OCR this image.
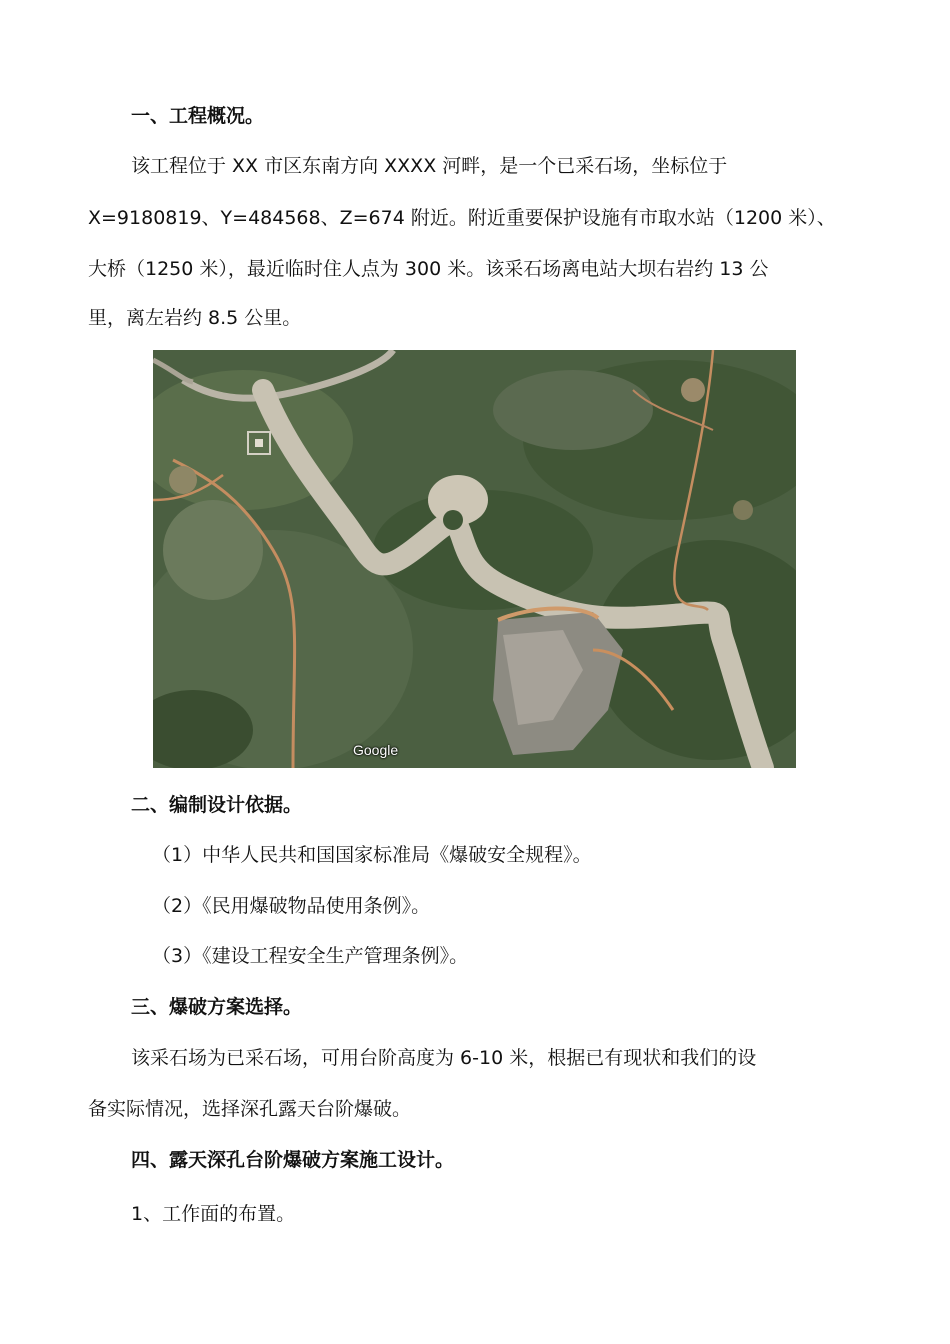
一、工程概况。
该工程位于 XX 市区东南方向 XXXX 河畔，是一个已采石场，坐标位于
X=9180819、Y=484568、Z=674 附近。附近重要保护设施有市取水站（1200 米）、
大桥（1250 米），最近临时住人点为 300 米。该采石场离电站大坝右岩约 13 公
里，离左岩约 8.5 公里。
Google
二、编制设计依据。
（1）中华人民共和国国家标准局《爆破安全规程》。
（2）《民用爆破物品使用条例》。
（3）《建设工程安全生产管理条例》。
三、爆破方案选择。
该采石场为已采石场，可用台阶高度为 6-10 米，根据已有现状和我们的设
备实际情况，选择深孔露天台阶爆破。
四、露天深孔台阶爆破方案施工设计。
1、工作面的布置。
